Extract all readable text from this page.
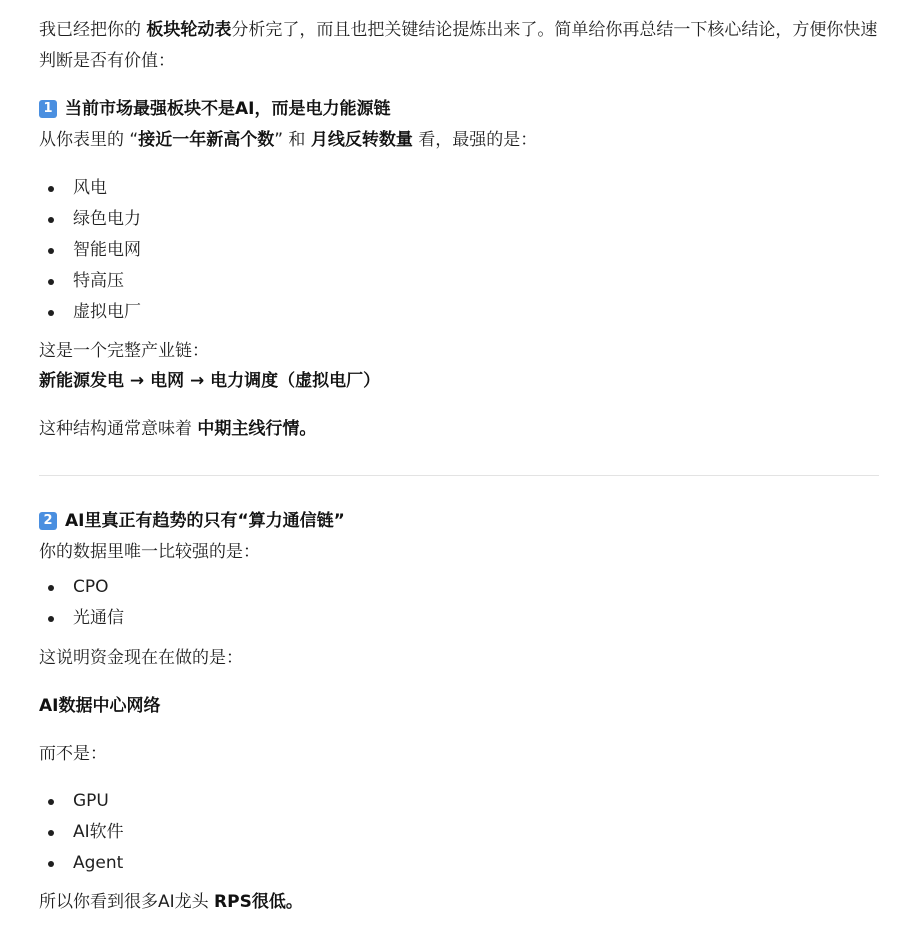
我已经把你的 板块轮动表分析完了，而且也把关键结论提炼出来了。简单给你再总结一下核心结论，方便你快速判断是否有价值：
1 当前市场最强板块不是AI，而是电力能源链
从你表里的 “接近一年新高个数” 和 月线反转数量 看，最强的是：
风电
绿色电力
智能电网
特高压
虚拟电厂
这是一个完整产业链：
新能源发电 → 电网 → 电力调度（虚拟电厂）
这种结构通常意味着 中期主线行情。
2 AI里真正有趋势的只有“算力通信链”
你的数据里唯一比较强的是：
CPO
光通信
这说明资金现在在做的是：
AI数据中心网络
而不是：
GPU
AI软件
Agent
所以你看到很多AI龙头 RPS很低。
